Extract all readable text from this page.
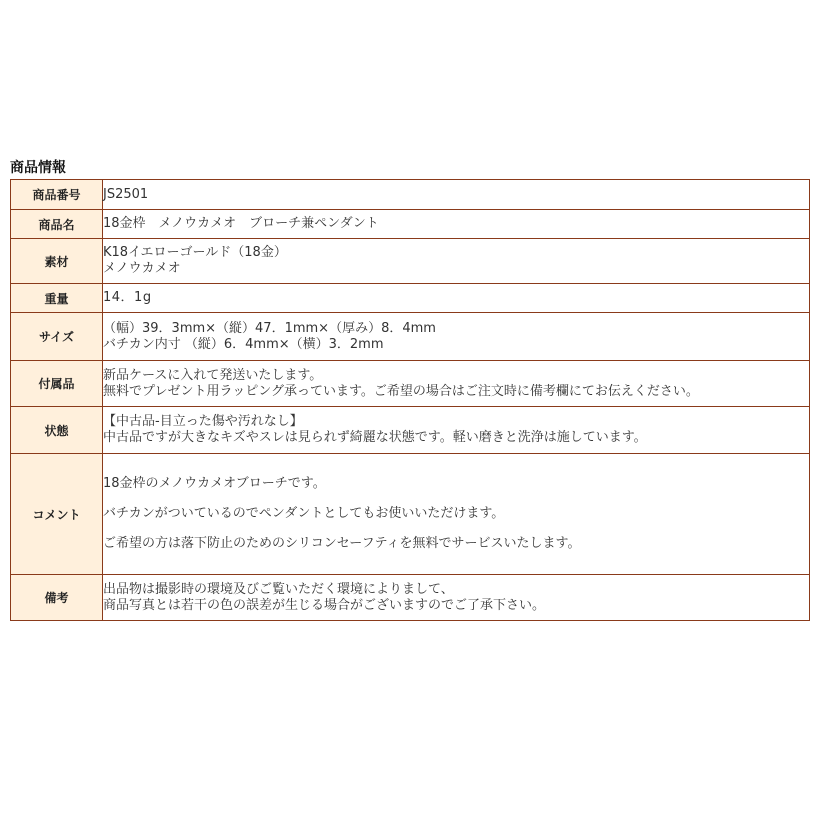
商品情報
商品番号	JS2501

商品名	18金枠　メノウカメオ　ブローチ兼ペンダント

素材	K18イエローゴールド（18金）
メノウカメオ

重量	14．1g

サイズ	（幅）39．3mm×（縦）47．1mm×（厚み）8．4mm
バチカン内寸 （縦）6．4mm×（横）3．2mm

付属品	新品ケースに入れて発送いたします。
無料でプレゼント用ラッピング承っています。ご希望の場合はご注文時に備考欄にてお伝えください。

状態	【中古品-目立った傷や汚れなし】
中古品ですが大きなキズやスレは見られず綺麗な状態です。軽い磨きと洗浄は施しています。

コメント	18金枠のメノウカメオブローチです。
バチカンがついているのでペンダントとしてもお使いいただけます。
ご希望の方は落下防止のためのシリコンセーフティを無料でサービスいたします。

備考	出品物は撮影時の環境及びご覧いただく環境によりまして、
商品写真とは若干の色の誤差が生じる場合がございますのでご了承下さい。
